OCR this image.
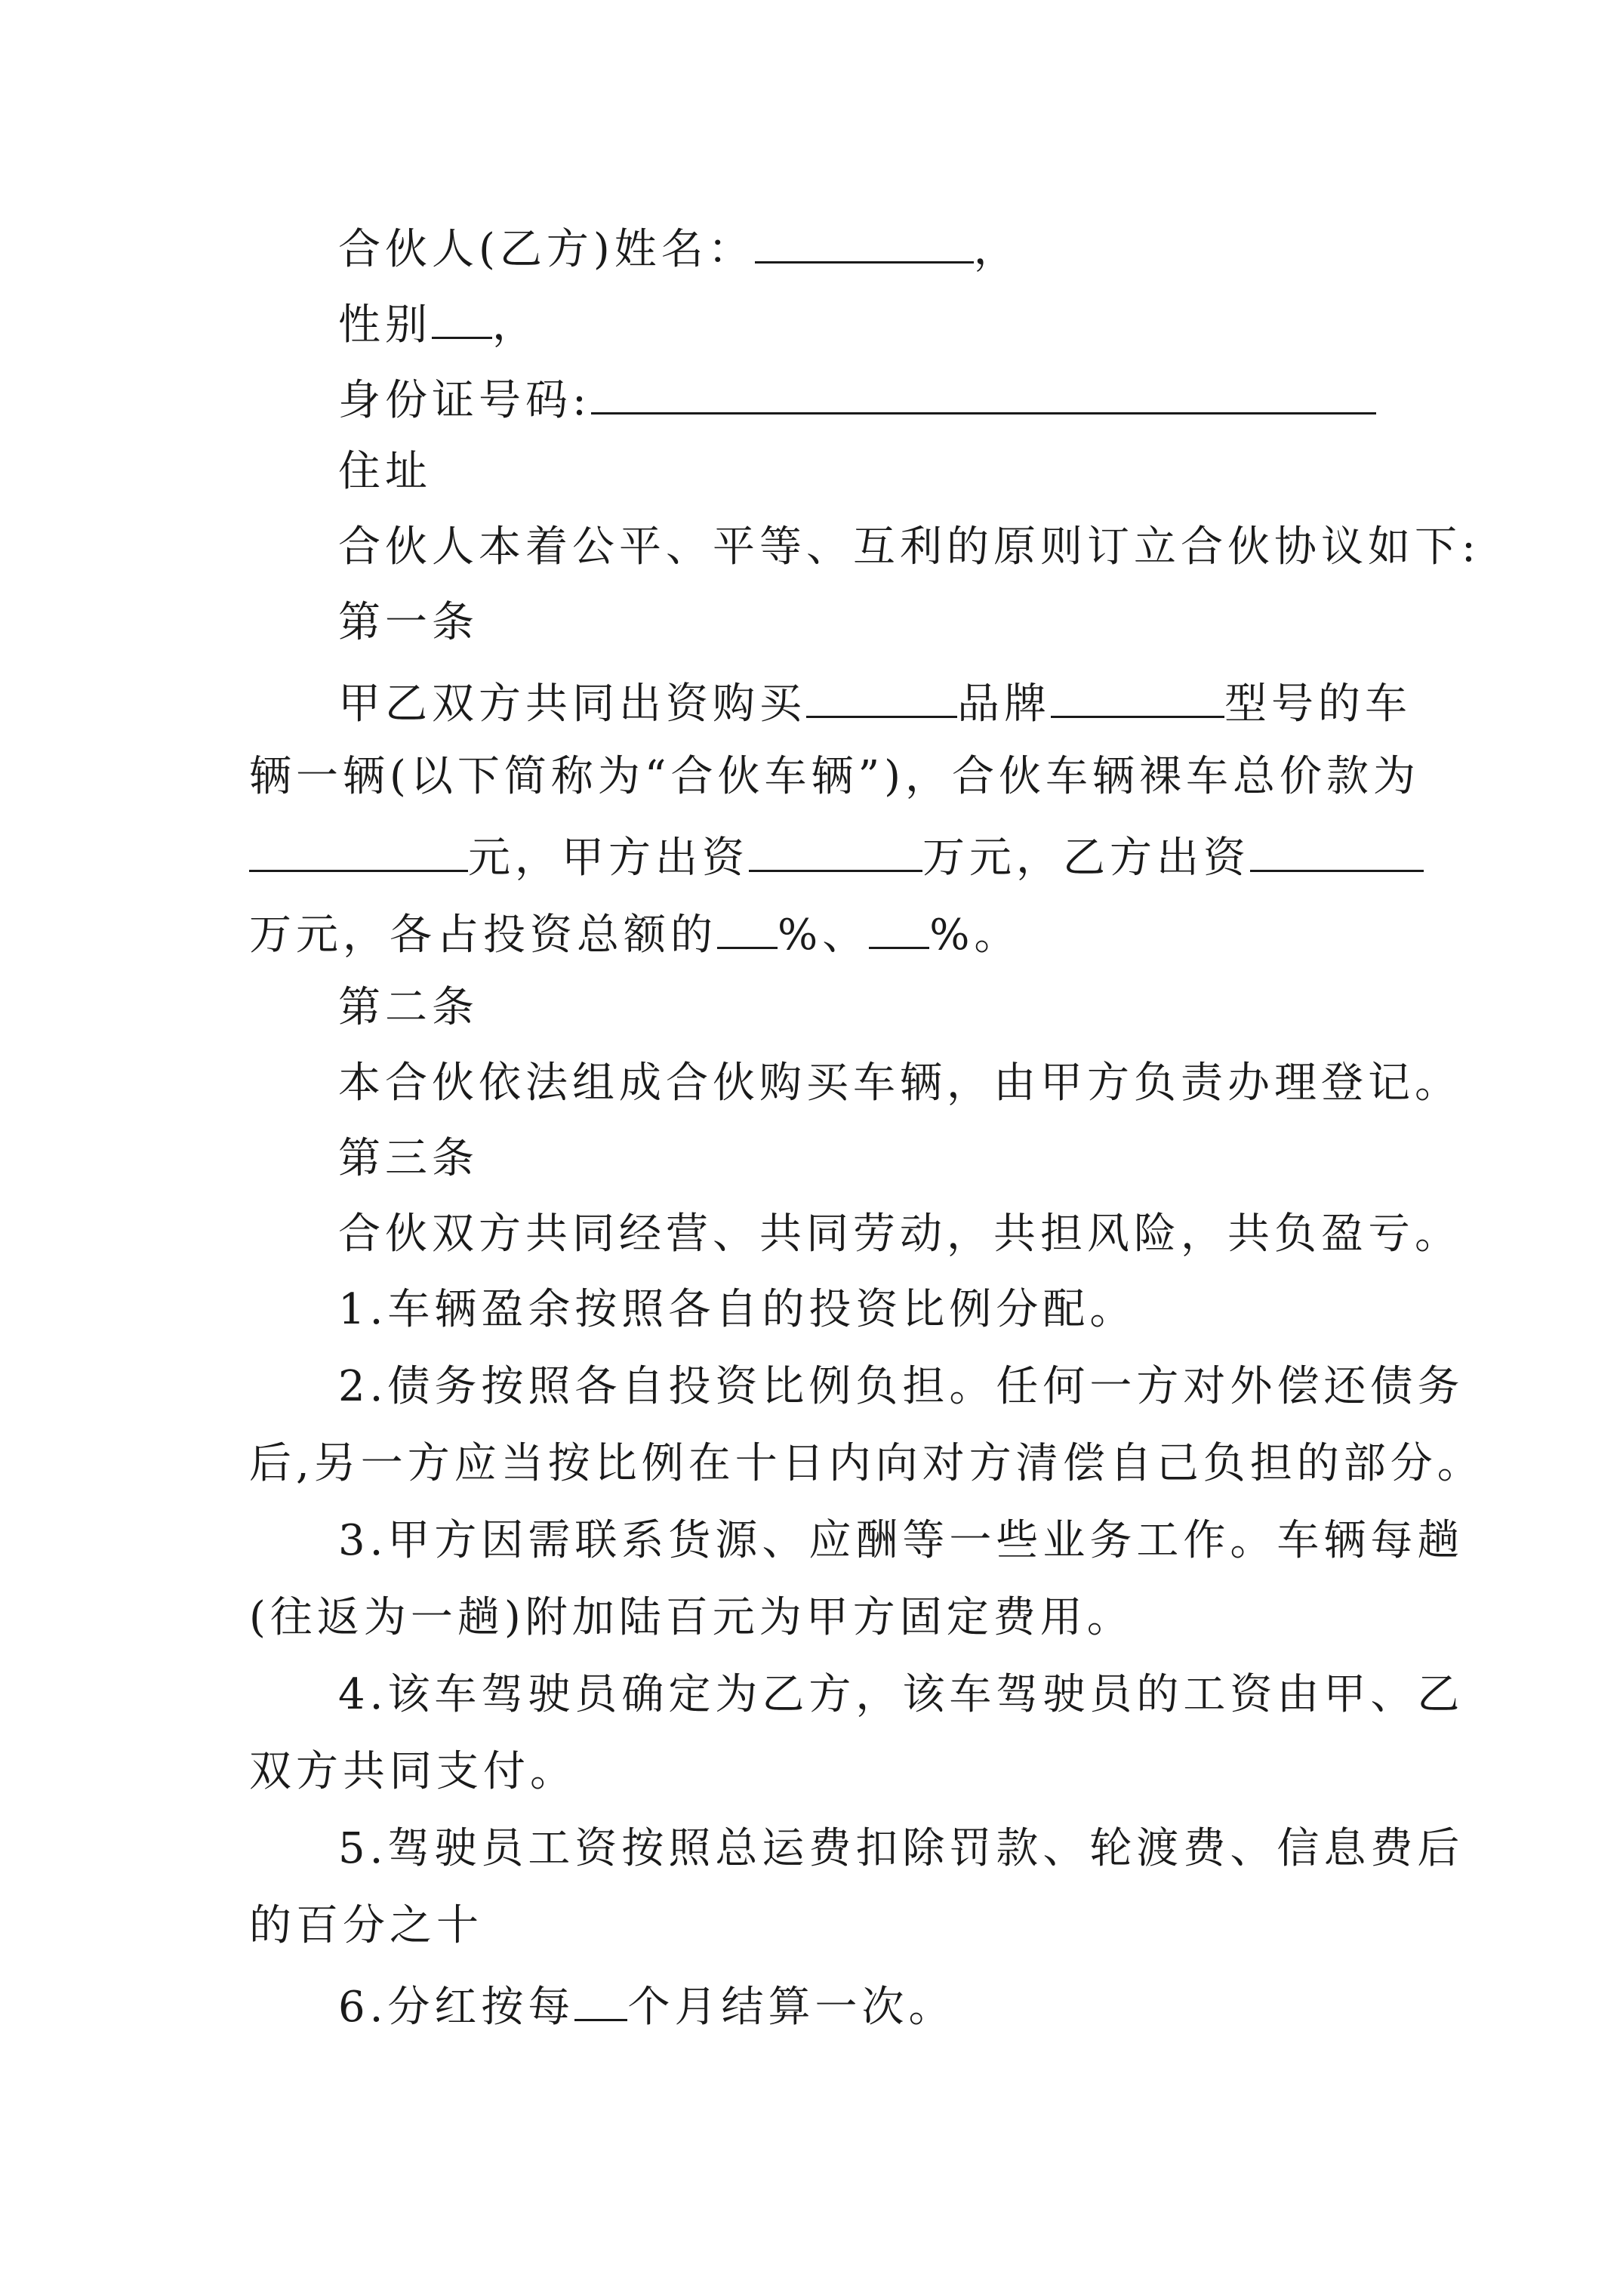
合伙人(乙方)姓名：	，
性别 ，
身份证号码:
住址
合伙人本着公平、平等、互利的原则订立合伙协议如下:
第一条
甲乙双方共同出资购买	品牌	型号的车
辆一辆(以下简称为“合伙车辆”)，合伙车辆裸车总价款为
元，甲方出资	万元，乙方出资
万元，各占投资总额的 %、 %。
第二条
本合伙依法组成合伙购买车辆，由甲方负责办理登记。
第三条
合伙双方共同经营、共同劳动，共担风险，共负盈亏。
1.车辆盈余按照各自的投资比例分配。
2.债务按照各自投资比例负担。任何一方对外偿还债务
后,另一方应当按比例在十日内向对方清偿自己负担的部分。
3.甲方因需联系货源、应酬等一些业务工作。车辆每趟
(往返为一趟)附加陆百元为甲方固定费用。
4.该车驾驶员确定为乙方，该车驾驶员的工资由甲、乙
双方共同支付。
5.驾驶员工资按照总运费扣除罚款、轮渡费、信息费后
的百分之十
6.分红按每 个月结算一次。
